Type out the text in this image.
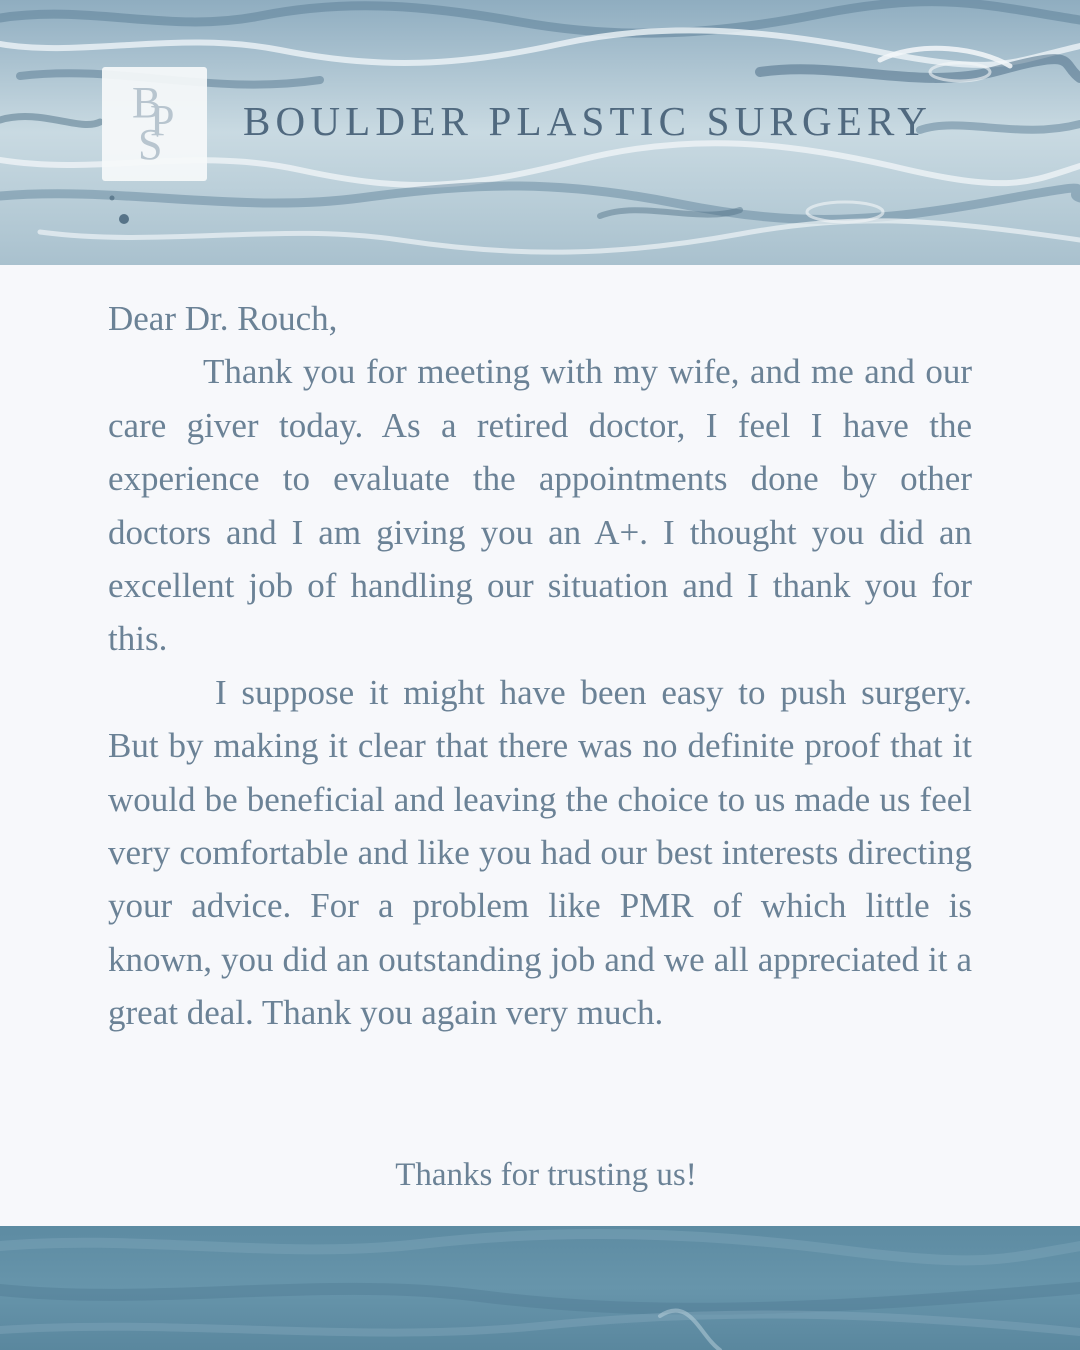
B
P
S BOULDER PLASTIC SURGERY

Dear Dr. Rouch,

Thank you for meeting with my wife, and me and our care giver today. As a retired doctor, I feel I have the experience to evaluate the appointments done by other doctors and I am giving you an A+. I thought you did an excellent job of handling our situation and I thank you for this.

I suppose it might have been easy to push surgery. But by making it clear that there was no definite proof that it would be beneficial and leaving the choice to us made us feel very comfortable and like you had our best interests directing your advice. For a problem like PMR of which little is known, you did an outstanding job and we all appreciated it a great deal. Thank you again very much.

Thanks for trusting us!
